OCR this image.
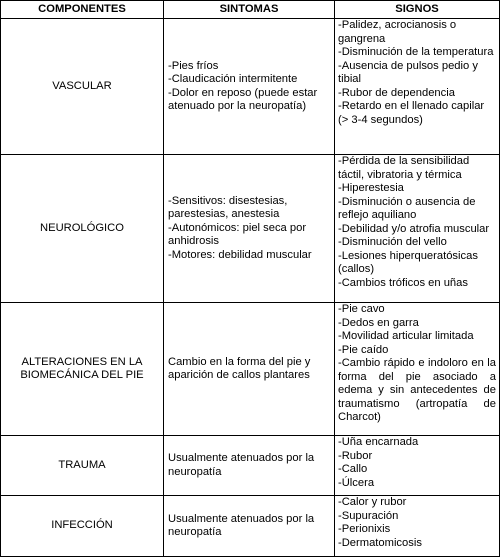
COMPONENTES	SINTOMAS	SIGNOS
VASCULAR
-Pies fríos
-Claudicación intermitente
-Dolor en reposo (puede estar atenuado por la neuropatía)
-Palidez, acrocianosis o gangrena
-Disminución de la temperatura
-Ausencia de pulsos pedio y tibial
-Rubor de dependencia
-Retardo en el llenado capilar (> 3-4 segundos)
NEUROLÓGICO
-Sensitivos: disestesias, parestesias, anestesia
-Autonómicos: piel seca por anhidrosis
-Motores: debilidad muscular
-Pérdida de la sensibilidad táctil, vibratoria y térmica
-Hiperestesia
-Disminución o ausencia de reflejo aquiliano
-Debilidad y/o atrofia muscular
-Disminución del vello
-Lesiones hiperqueratósicas (callos)
-Cambios tróficos en uñas
ALTERACIONES EN LA BIOMECÁNICA DEL PIE
Cambio en la forma del pie y aparición de callos plantares
-Pie cavo
-Dedos en garra
-Movilidad articular limitada
-Pie caído
-Cambio rápido e indoloro en la forma del pie asociado a edema y sin antecedentes de traumatismo (artropatía de Charcot)
TRAUMA
Usualmente atenuados por la neuropatía
-Uña encarnada
-Rubor
-Callo
-Úlcera
INFECCIÓN
Usualmente atenuados por la neuropatía
-Calor y rubor
-Supuración
-Perionixis
-Dermatomicosis
